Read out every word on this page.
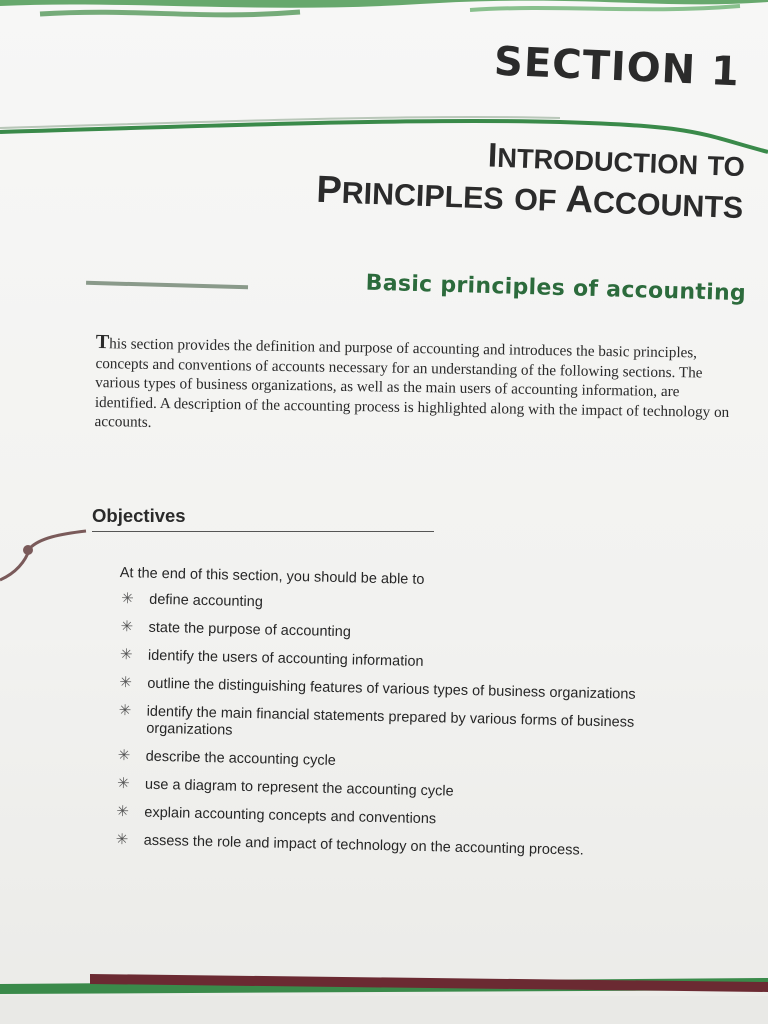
SECTION 1
INTRODUCTION TO
PRINCIPLES OF ACCOUNTS
Basic principles of accounting
This section provides the definition and purpose of accounting and introduces the basic principles, concepts and conventions of accounts necessary for an understanding of the following sections. The various types of business organizations, as well as the main users of accounting information, are identified. A description of the accounting process is highlighted along with the impact of technology on accounts.
Objectives
At the end of this section, you should be able to
✳ define accounting
✳ state the purpose of accounting
✳ identify the users of accounting information
✳ outline the distinguishing features of various types of business organizations
✳ identify the main financial statements prepared by various forms of business organizations
✳ describe the accounting cycle
✳ use a diagram to represent the accounting cycle
✳ explain accounting concepts and conventions
✳ assess the role and impact of technology on the accounting process.
